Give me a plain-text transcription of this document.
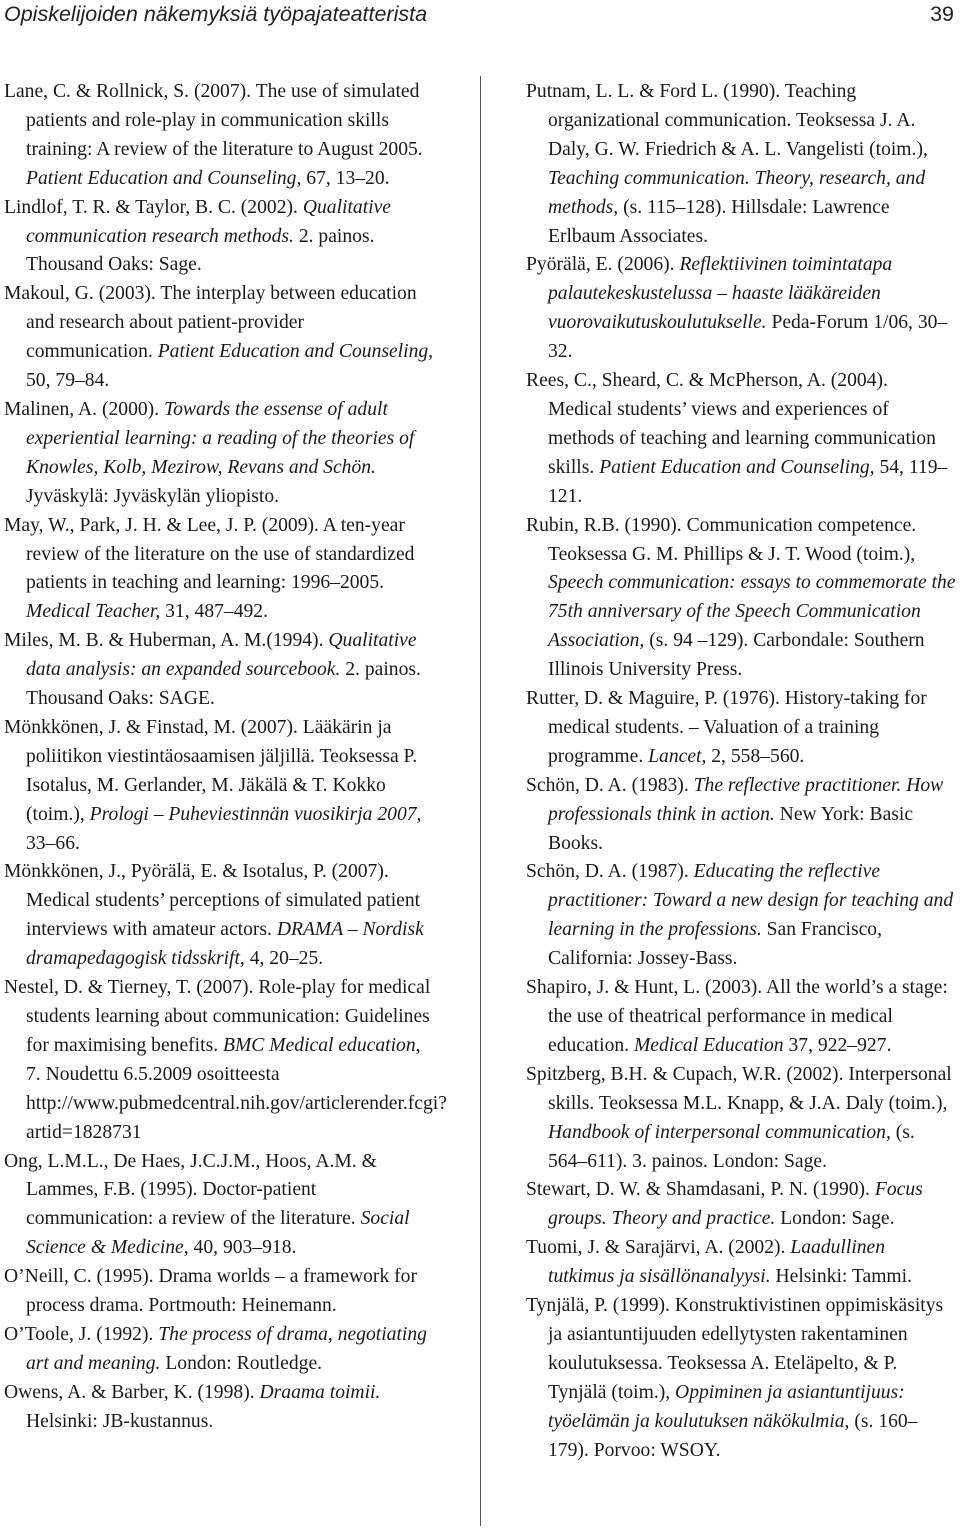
Opiskelijoiden näkemyksiä työpajateatterista	39

Lane, C. & Rollnick, S. (2007). The use of simulated patients and role-play in communication skills training: A review of the literature to August 2005. Patient Education and Counseling, 67, 13–20.

Lindlof, T. R. & Taylor, B. C. (2002). Qualitative communication research methods. 2. painos. Thousand Oaks: Sage.

Makoul, G. (2003). The interplay between education and research about patient-provider communication. Patient Education and Counseling, 50, 79–84.

Malinen, A. (2000). Towards the essense of adult experiential learning: a reading of the theories of Knowles, Kolb, Mezirow, Revans and Schön. Jyväskylä: Jyväskylän yliopisto.

May, W., Park, J. H. & Lee, J. P. (2009). A ten-year review of the literature on the use of standardized patients in teaching and learning: 1996–2005. Medical Teacher, 31, 487–492.

Miles, M. B. & Huberman, A. M.(1994). Qualitative data analysis: an expanded sourcebook. 2. painos. Thousand Oaks: SAGE.

Mönkkönen, J. & Finstad, M. (2007). Lääkärin ja poliitikon viestintäosaamisen jäljillä. Teoksessa P. Isotalus, M. Gerlander, M. Jäkälä & T. Kokko (toim.), Prologi – Puheviestinnän vuosikirja 2007, 33–66.

Mönkkönen, J., Pyörälä, E. & Isotalus, P. (2007). Medical students’ perceptions of simulated patient interviews with amateur actors. DRAMA – Nordisk dramapedagogisk tidsskrift, 4, 20–25.

Nestel, D. & Tierney, T. (2007). Role-play for medical students learning about communication: Guidelines for maximising benefits. BMC Medical education, 7. Noudettu 6.5.2009 osoitteesta http://www.pubmedcentral.nih.gov/articlerender.fcgi?artid=1828731

Ong, L.M.L., De Haes, J.C.J.M., Hoos, A.M. & Lammes, F.B. (1995). Doctor-patient communication: a review of the literature. Social Science & Medicine, 40, 903–918.

O’Neill, C. (1995). Drama worlds – a framework for process drama. Portmouth: Heinemann.

O’Toole, J. (1992). The process of drama, negotiating art and meaning. London: Routledge.

Owens, A. & Barber, K. (1998). Draama toimii. Helsinki: JB-kustannus.

Putnam, L. L. & Ford L. (1990). Teaching organizational communication. Teoksessa J. A. Daly, G. W. Friedrich & A. L. Vangelisti (toim.), Teaching communication. Theory, research, and methods, (s. 115–128). Hillsdale: Lawrence Erlbaum Associates.

Pyörälä, E. (2006). Reflektiivinen toimintatapa palautekeskustelussa – haaste lääkäreiden vuorovaikutuskoulutukselle. Peda-Forum 1/06, 30–32.

Rees, C., Sheard, C. & McPherson, A. (2004). Medical students’ views and experiences of methods of teaching and learning communication skills. Patient Education and Counseling, 54, 119–121.

Rubin, R.B. (1990). Communication competence. Teoksessa G. M. Phillips & J. T. Wood (toim.), Speech communication: essays to commemorate the 75th anniversary of the Speech Communication Association, (s. 94 –129). Carbondale: Southern Illinois University Press.

Rutter, D. & Maguire, P. (1976). History-taking for medical students. – Valuation of a training programme. Lancet, 2, 558–560.

Schön, D. A. (1983). The reflective practitioner. How professionals think in action. New York: Basic Books.

Schön, D. A. (1987). Educating the reflective practitioner: Toward a new design for teaching and learning in the professions. San Francisco, California: Jossey-Bass.

Shapiro, J. & Hunt, L. (2003). All the world’s a stage: the use of theatrical performance in medical education. Medical Education 37, 922–927.

Spitzberg, B.H. & Cupach, W.R. (2002). Interpersonal skills. Teoksessa M.L. Knapp, & J.A. Daly (toim.), Handbook of interpersonal communication, (s. 564–611). 3. painos. London: Sage.

Stewart, D. W. & Shamdasani, P. N. (1990). Focus groups. Theory and practice. London: Sage.

Tuomi, J. & Sarajärvi, A. (2002). Laadullinen tutkimus ja sisällönanalyysi. Helsinki: Tammi.

Tynjälä, P. (1999). Konstruktivistinen oppimiskäsitys ja asiantuntijuuden edellytysten rakentaminen koulutuksessa. Teoksessa A. Eteläpelto, & P. Tynjälä (toim.), Oppiminen ja asiantuntijuus: työelämän ja koulutuksen näkökulmia, (s. 160–179). Porvoo: WSOY.
